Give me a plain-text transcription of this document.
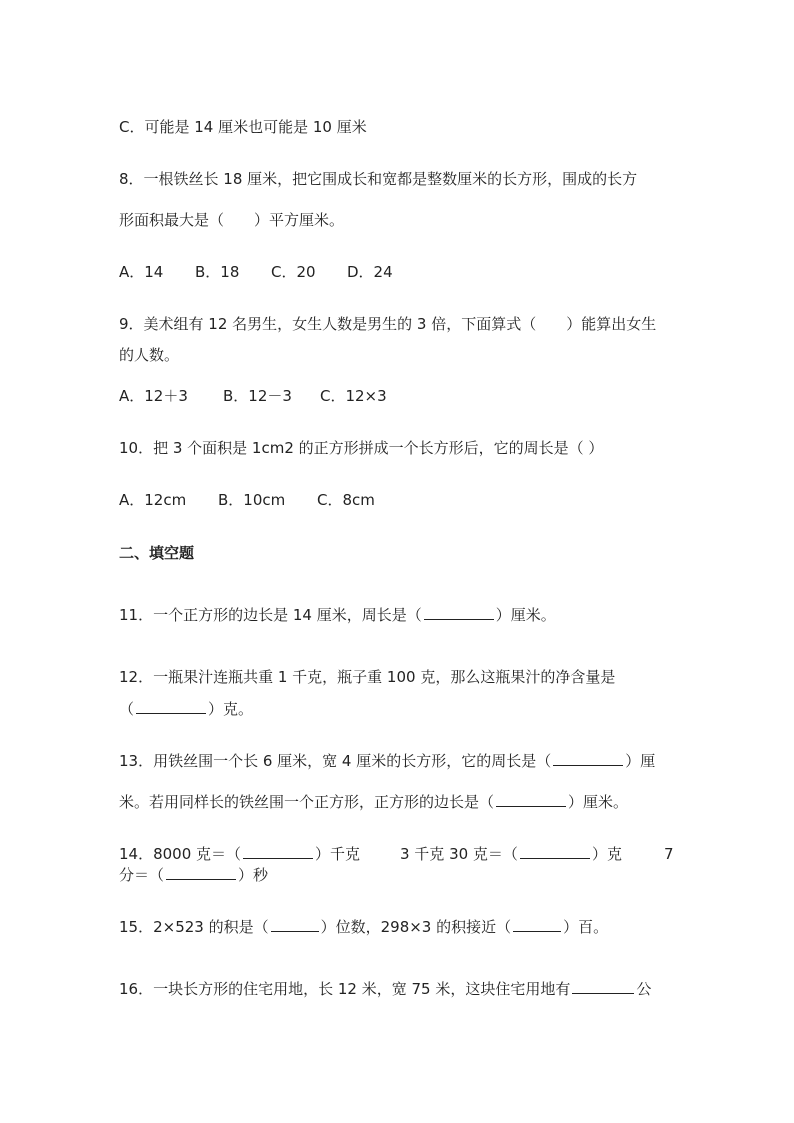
C．可能是 14 厘米也可能是 10 厘米
8．一根铁丝长 18 厘米，把它围成长和宽都是整数厘米的长方形，围成的长方
形面积最大是（　　）平方厘米。
A．14 B．18 C．20 D．24
9．美术组有 12 名男生，女生人数是男生的 3 倍，下面算式（　　）能算出女生
的人数。
A．12＋3 B．12－3 C．12×3
10．把 3 个面积是 1cm2 的正方形拼成一个长方形后，它的周长是（ ）
A．12cm B．10cm C．8cm
二、填空题
11．一个正方形的边长是 14 厘米，周长是（	）厘米。
12．一瓶果汁连瓶共重 1 千克，瓶子重 100 克，那么这瓶果汁的净含量是
（	）克。
13．用铁丝围一个长 6 厘米，宽 4 厘米的长方形，它的周长是（	）厘
米。若用同样长的铁丝围一个正方形，正方形的边长是（	）厘米。
14．8000 克＝（	）千克	3 千克 30 克＝（	）克	7
分＝（	）秒
15．2×523 的积是（	）位数，298×3 的积接近（	）百。
16．一块长方形的住宅用地，长 12 米，宽 75 米，这块住宅用地有	公
